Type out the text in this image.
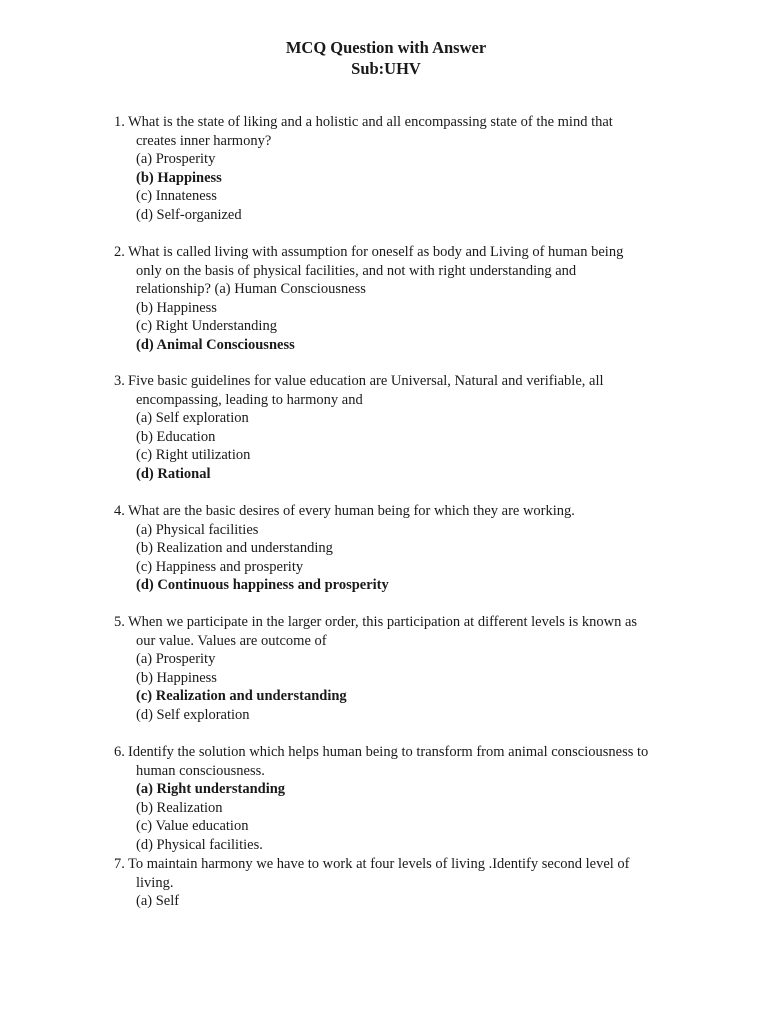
MCQ Question with Answer
Sub:UHV
1. What is the state of liking and a holistic and all encompassing state of the mind that
creates inner harmony?
(a) Prosperity
(b) Happiness
(c) Innateness
(d) Self-organized
2. What is called living with assumption for oneself as body and Living of human being
only on the basis of physical facilities, and not with right understanding and
relationship? (a) Human Consciousness
(b) Happiness
(c) Right Understanding
(d) Animal Consciousness
3. Five basic guidelines for value education are Universal, Natural and verifiable, all
encompassing, leading to harmony and
(a) Self exploration
(b) Education
(c) Right utilization
(d) Rational
4. What are the basic desires of every human being for which they are working.
(a) Physical facilities
(b) Realization and understanding
(c) Happiness and prosperity
(d) Continuous happiness and prosperity
5. When we participate in the larger order, this participation at different levels is known as
our value. Values are outcome of
(a) Prosperity
(b) Happiness
(c) Realization and understanding
(d) Self exploration
6. Identify the solution which helps human being to transform from animal consciousness to
human consciousness.
(a) Right understanding
(b) Realization
(c) Value education
(d) Physical facilities.
7. To maintain harmony we have to work at four levels of living .Identify second level of
living.
(a) Self
